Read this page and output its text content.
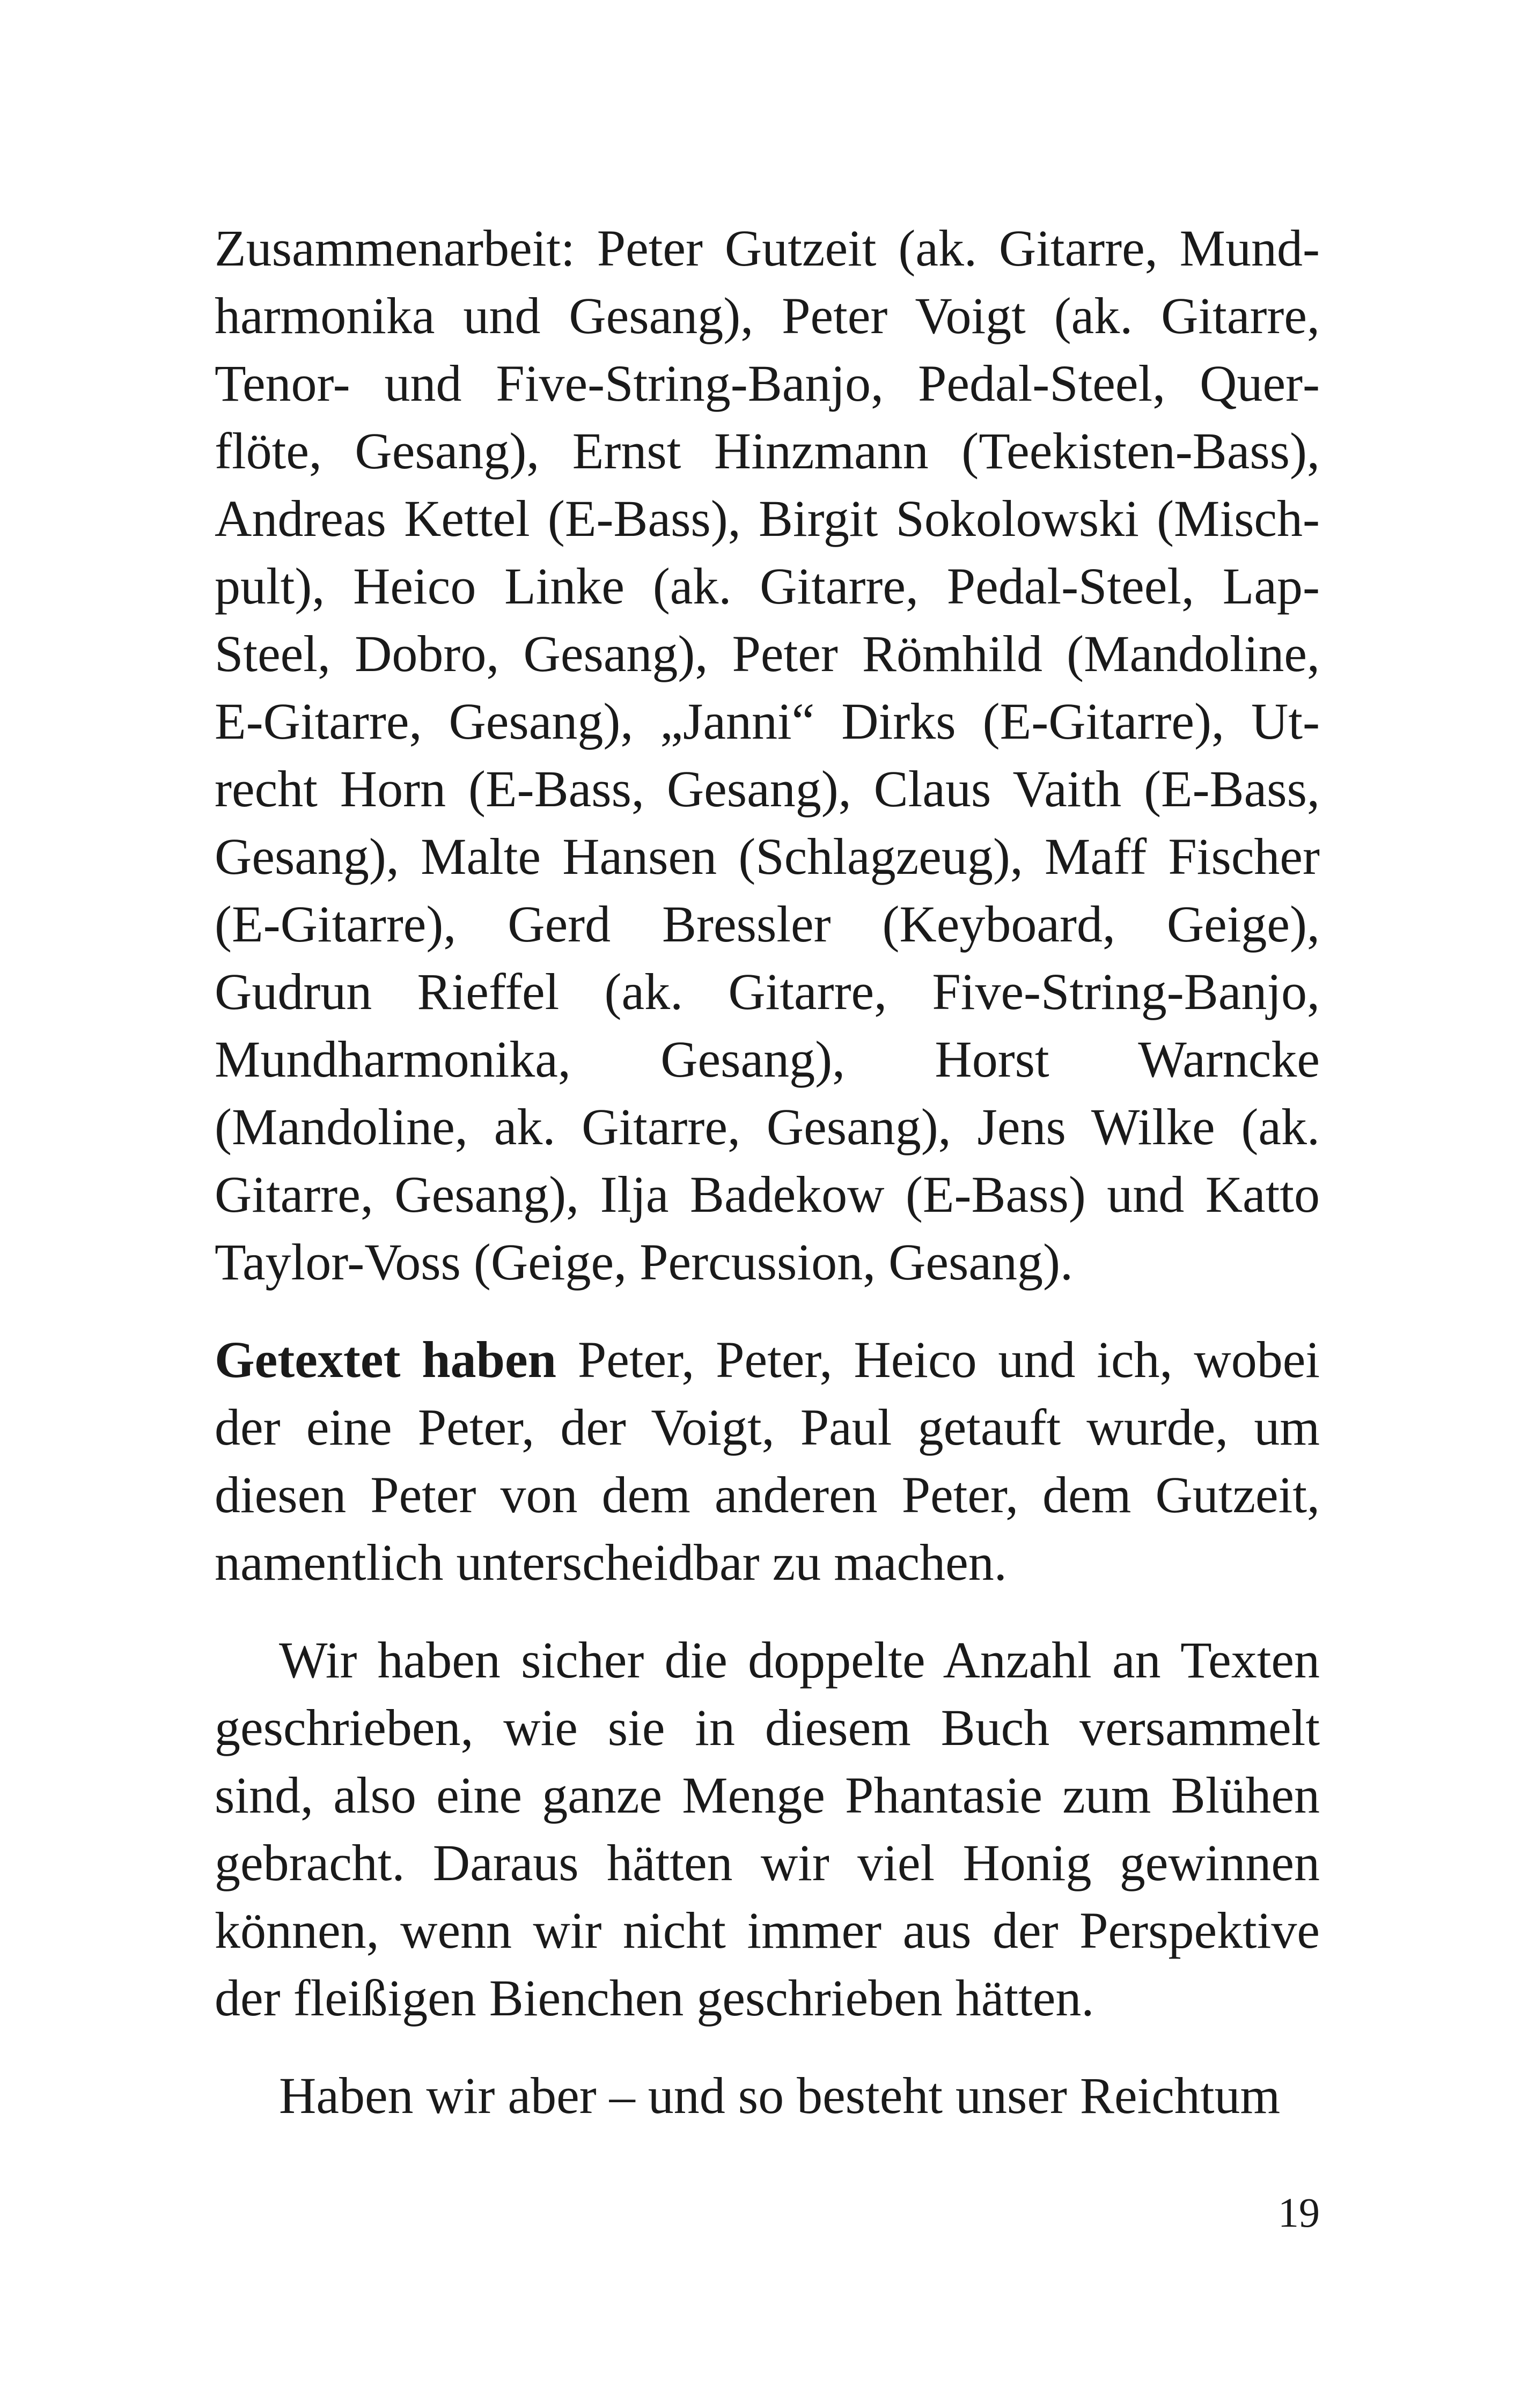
Zusammenarbeit: Peter Gutzeit (ak. Gitarre, Mundharmonika und Gesang), Peter Voigt (ak. Gitarre, Tenor- und Five-String-Banjo, Pedal-Steel, Querflöte, Gesang), Ernst Hinzmann (Teekisten-Bass), Andreas Kettel (E-Bass), Birgit Sokolowski (Mischpult), Heico Linke (ak. Gitarre, Pedal-Steel, Lap-Steel, Dobro, Gesang), Peter Römhild (Mandoline, E-Gitarre, Gesang), „Janni“ Dirks (E-Gitarre), Utrecht Horn (E-Bass, Gesang), Claus Vaith (E-Bass, Gesang), Malte Hansen (Schlagzeug), Maff Fischer (E-Gitarre), Gerd Bressler (Keyboard, Geige), Gudrun Rieffel (ak. Gitarre, Five-String-Banjo, Mundharmonika, Gesang), Horst Warncke (Mandoline, ak. Gitarre, Gesang), Jens Wilke (ak. Gitarre, Gesang), Ilja Badekow (E-Bass) und Katto Taylor-Voss (Geige, Percussion, Gesang).

Getextet haben Peter, Peter, Heico und ich, wobei der eine Peter, der Voigt, Paul getauft wurde, um diesen Peter von dem anderen Peter, dem Gutzeit, namentlich unterscheidbar zu machen.

Wir haben sicher die doppelte Anzahl an Texten geschrieben, wie sie in diesem Buch versammelt sind, also eine ganze Menge Phantasie zum Blühen gebracht. Daraus hätten wir viel Honig gewinnen können, wenn wir nicht immer aus der Perspektive der fleißigen Bienchen geschrieben hätten.

Haben wir aber – und so besteht unser Reichtum

19
